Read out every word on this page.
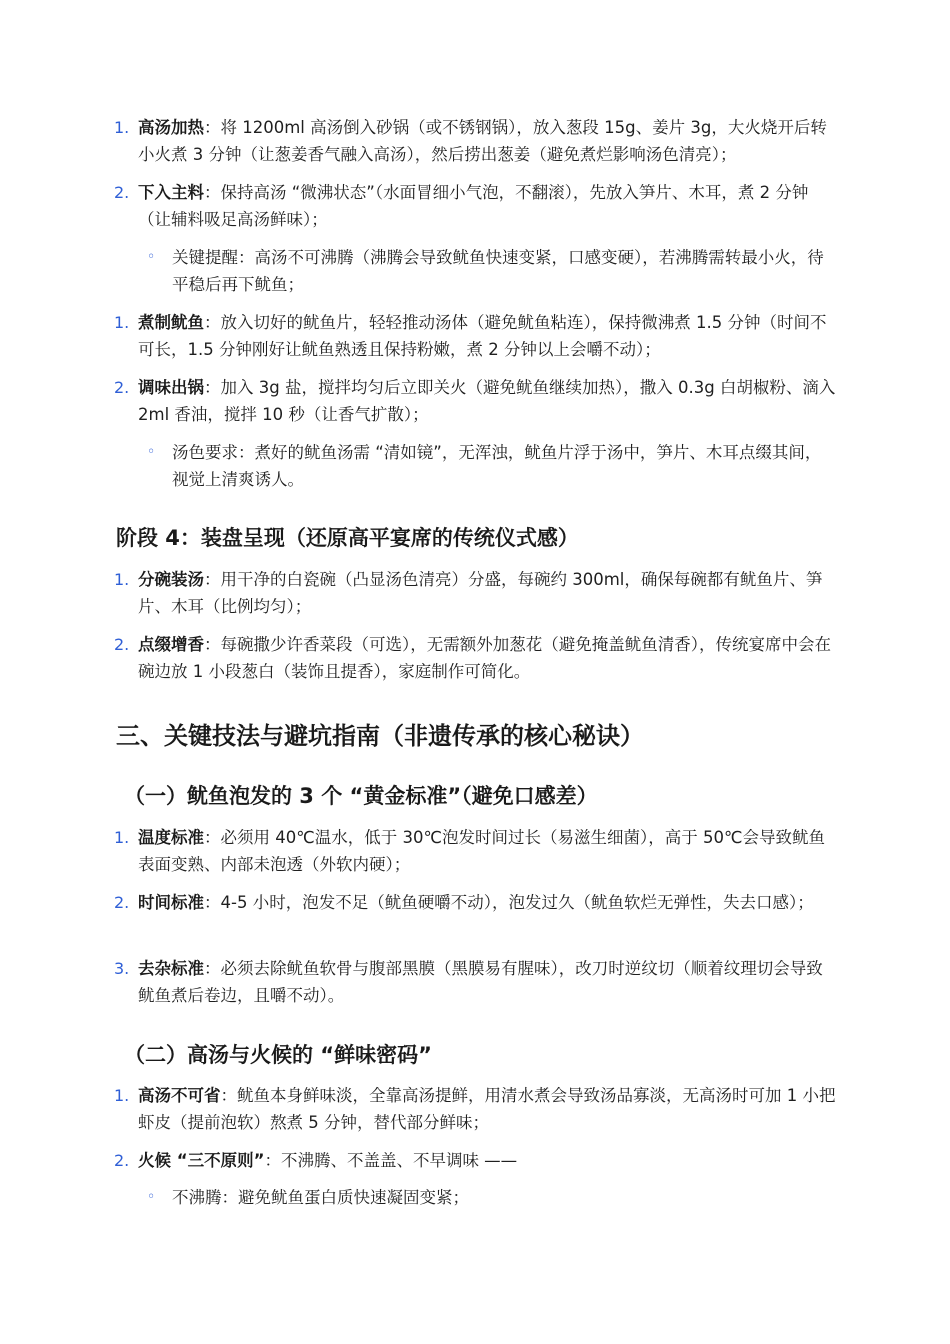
1. 高汤加热：将 1200ml 高汤倒入砂锅（或不锈钢锅），放入葱段 15g、姜片 3g，大火烧开后转小火煮 3 分钟（让葱姜香气融入高汤），然后捞出葱姜（避免煮烂影响汤色清亮）；
2. 下入主料：保持高汤 “微沸状态”（水面冒细小气泡，不翻滚），先放入笋片、木耳，煮 2 分钟（让辅料吸足高汤鲜味）；
◦ 关键提醒：高汤不可沸腾（沸腾会导致鱿鱼快速变紧，口感变硬），若沸腾需转最小火，待平稳后再下鱿鱼；
1. 煮制鱿鱼：放入切好的鱿鱼片，轻轻推动汤体（避免鱿鱼粘连），保持微沸煮 1.5 分钟（时间不可长，1.5 分钟刚好让鱿鱼熟透且保持粉嫩，煮 2 分钟以上会嚼不动）；
2. 调味出锅：加入 3g 盐，搅拌均匀后立即关火（避免鱿鱼继续加热），撒入 0.3g 白胡椒粉、滴入 2ml 香油，搅拌 10 秒（让香气扩散）；
◦ 汤色要求：煮好的鱿鱼汤需 “清如镜”，无浑浊，鱿鱼片浮于汤中，笋片、木耳点缀其间，视觉上清爽诱人。
阶段 4：装盘呈现（还原高平宴席的传统仪式感）
1. 分碗装汤：用干净的白瓷碗（凸显汤色清亮）分盛，每碗约 300ml，确保每碗都有鱿鱼片、笋片、木耳（比例均匀）；
2. 点缀增香：每碗撒少许香菜段（可选），无需额外加葱花（避免掩盖鱿鱼清香），传统宴席中会在碗边放 1 小段葱白（装饰且提香），家庭制作可简化。
三、关键技法与避坑指南（非遗传承的核心秘诀）
（一）鱿鱼泡发的 3 个 “黄金标准”（避免口感差）
1. 温度标准：必须用 40℃温水，低于 30℃泡发时间过长（易滋生细菌），高于 50℃会导致鱿鱼表面变熟、内部未泡透（外软内硬）；
2. 时间标准：4-5 小时，泡发不足（鱿鱼硬嚼不动），泡发过久（鱿鱼软烂无弹性，失去口感）；
3. 去杂标准：必须去除鱿鱼软骨与腹部黑膜（黑膜易有腥味），改刀时逆纹切（顺着纹理切会导致鱿鱼煮后卷边，且嚼不动）。
（二）高汤与火候的 “鲜味密码”
1. 高汤不可省：鱿鱼本身鲜味淡，全靠高汤提鲜，用清水煮会导致汤品寡淡，无高汤时可加 1 小把虾皮（提前泡软）熬煮 5 分钟，替代部分鲜味；
2. 火候 “三不原则”：不沸腾、不盖盖、不早调味 ——
◦ 不沸腾：避免鱿鱼蛋白质快速凝固变紧；
